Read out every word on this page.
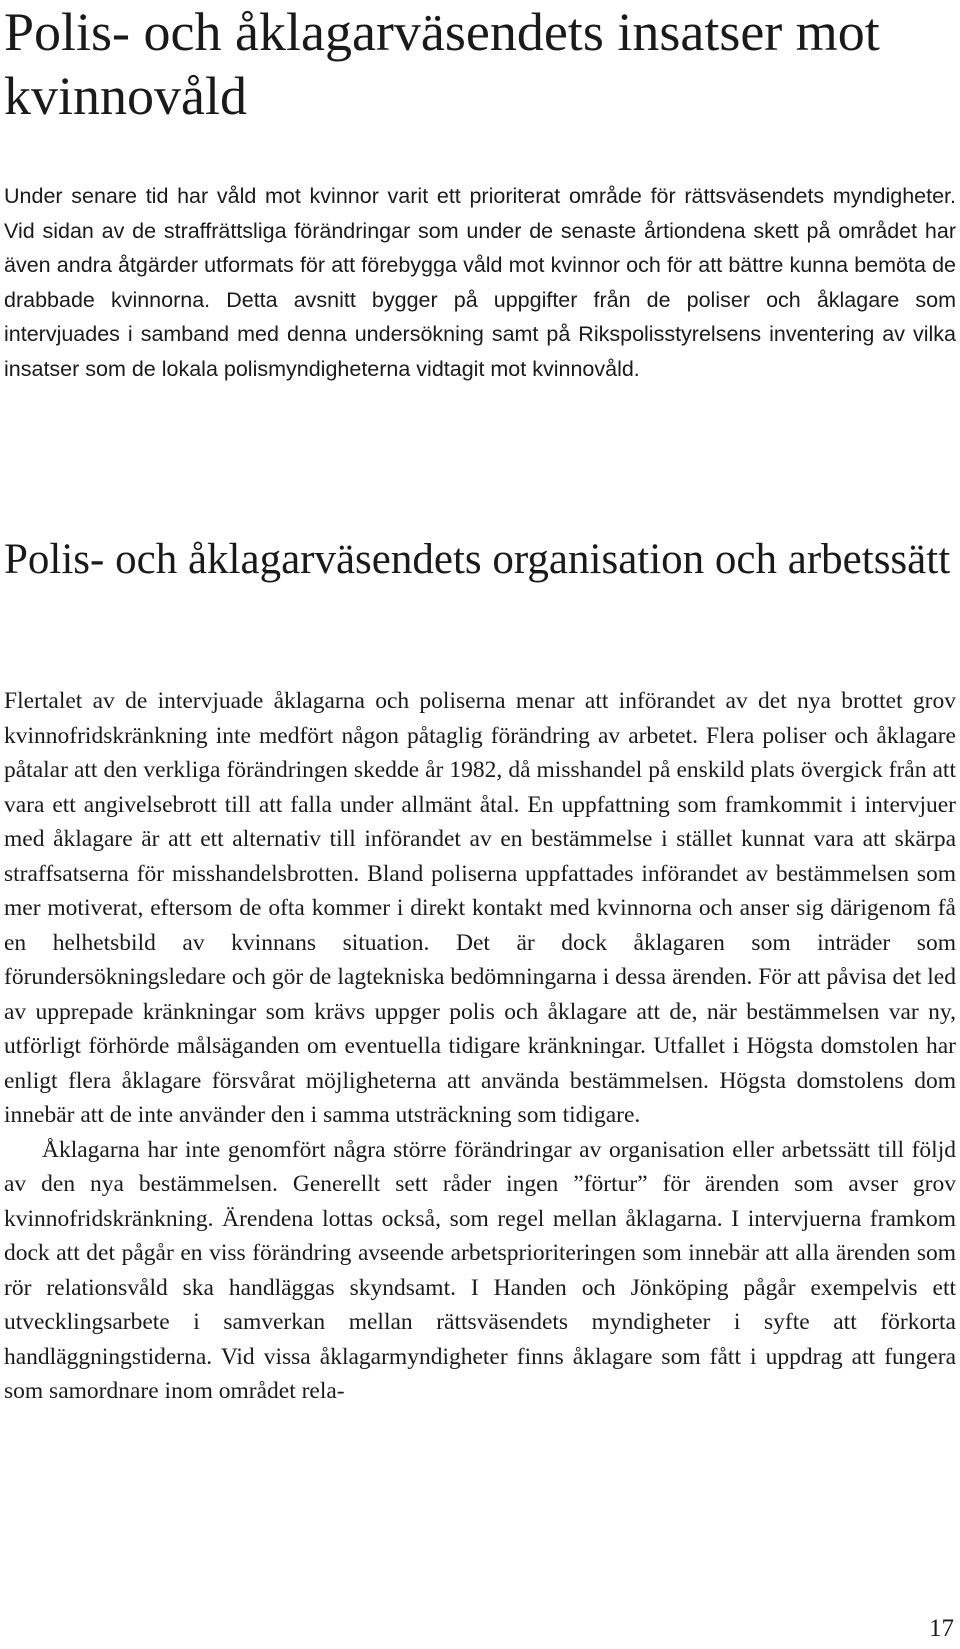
Polis- och åklagarväsendets insatser mot kvinnovåld

Under senare tid har våld mot kvinnor varit ett prioriterat område för rättsväsendets myndigheter. Vid sidan av de straffrättsliga förändringar som under de senaste årtiondena skett på området har även andra åtgärder utformats för att förebygga våld mot kvinnor och för att bättre kunna bemöta de drabbade kvinnorna. Detta avsnitt bygger på uppgifter från de poliser och åklagare som intervjuades i samband med denna undersökning samt på Rikspolisstyrelsens inventering av vilka insatser som de lokala polismyndigheterna vidtagit mot kvinnovåld.

Polis- och åklagarväsendets organisation och arbetssätt

Flertalet av de intervjuade åklagarna och poliserna menar att införandet av det nya brottet grov kvinnofridskränkning inte medfört någon påtaglig förändring av arbetet. Flera poliser och åklagare påtalar att den verkliga förändringen skedde år 1982, då misshandel på enskild plats övergick från att vara ett angivelsebrott till att falla under allmänt åtal. En uppfattning som framkommit i intervjuer med åklagare är att ett alternativ till införandet av en bestämmelse i stället kunnat vara att skärpa straffsatserna för misshandelsbrotten. Bland poliserna uppfattades införandet av bestämmelsen som mer motiverat, eftersom de ofta kommer i direkt kontakt med kvinnorna och anser sig därigenom få en helhetsbild av kvinnans situation. Det är dock åklagaren som inträder som förundersökningsledare och gör de lagtekniska bedömningarna i dessa ärenden. För att påvisa det led av upprepade kränkningar som krävs uppger polis och åklagare att de, när bestämmelsen var ny, utförligt förhörde målsäganden om eventuella tidigare kränkningar. Utfallet i Högsta domstolen har enligt flera åklagare försvårat möjligheterna att använda bestämmelsen. Högsta domstolens dom innebär att de inte använder den i samma utsträckning som tidigare.

Åklagarna har inte genomfört några större förändringar av organisation eller arbetssätt till följd av den nya bestämmelsen. Generellt sett råder ingen ”förtur” för ärenden som avser grov kvinnofridskränkning. Ärendena lottas också, som regel mellan åklagarna. I intervjuerna framkom dock att det pågår en viss förändring avseende arbetsprioriteringen som innebär att alla ärenden som rör relationsvåld ska handläggas skyndsamt. I Handen och Jönköping pågår exempelvis ett utvecklingsarbete i samverkan mellan rättsväsendets myndigheter i syfte att förkorta handläggningstiderna. Vid vissa åklagarmyndigheter finns åklagare som fått i uppdrag att fungera som samordnare inom området rela-

17
